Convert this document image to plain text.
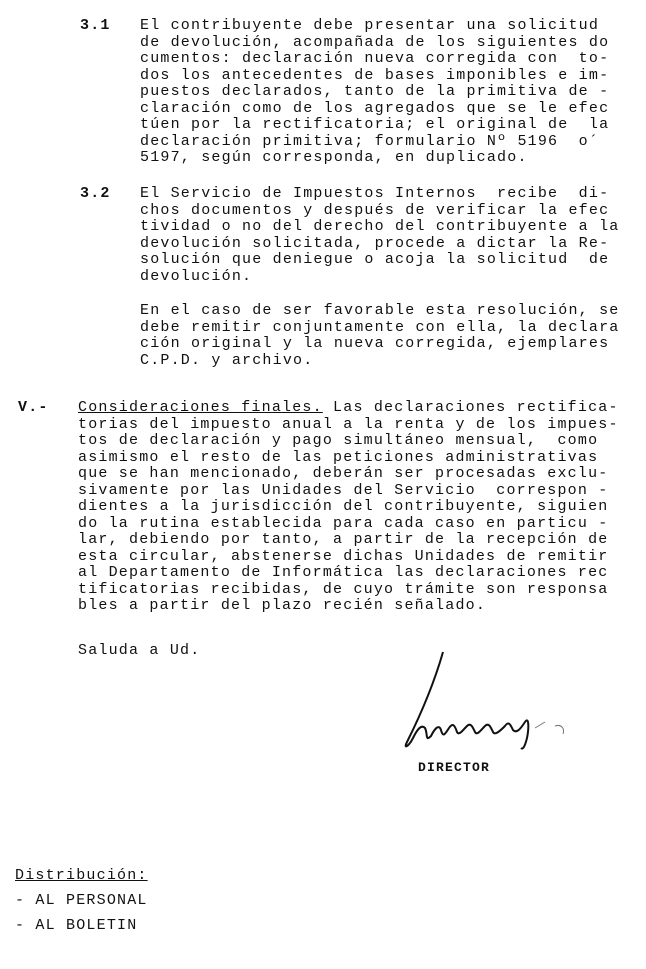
3.1 El contribuyente debe presentar una solicitud
de devolución, acompañada de los siguientes do
cumentos: declaración nueva corregida con  to-
dos los antecedentes de bases imponibles e im-
puestos declarados, tanto de la primitiva de -
claración como de los agregados que se le efec
túen por la rectificatoria; el original de  la
declaración primitiva; formulario Nº 5196  o´
5197, según corresponda, en duplicado.
3.2 El Servicio de Impuestos Internos  recibe  di-
chos documentos y después de verificar la efec
tividad o no del derecho del contribuyente a la
devolución solicitada, procede a dictar la Re-
solución que deniegue o acoja la solicitud  de
devolución.
En el caso de ser favorable esta resolución, se
debe remitir conjuntamente con ella, la declara
ción original y la nueva corregida, ejemplares
C.P.D. y archivo.
V.- Consideraciones finales. Las declaraciones rectifica-
torias del impuesto anual a la renta y de los impues-
tos de declaración y pago simultáneo mensual,  como
asimismo el resto de las peticiones administrativas
que se han mencionado, deberán ser procesadas exclu-
sivamente por las Unidades del Servicio  correspon -
dientes a la jurisdicción del contribuyente, siguien
do la rutina establecida para cada caso en particu -
lar, debiendo por tanto, a partir de la recepción de
esta circular, abstenerse dichas Unidades de remitir
al Departamento de Informática las declaraciones rec
tificatorias recibidas, de cuyo trámite son responsa
bles a partir del plazo recién señalado.
Saluda a Ud.
DIRECTOR
Distribución:
- AL PERSONAL
- AL BOLETIN
